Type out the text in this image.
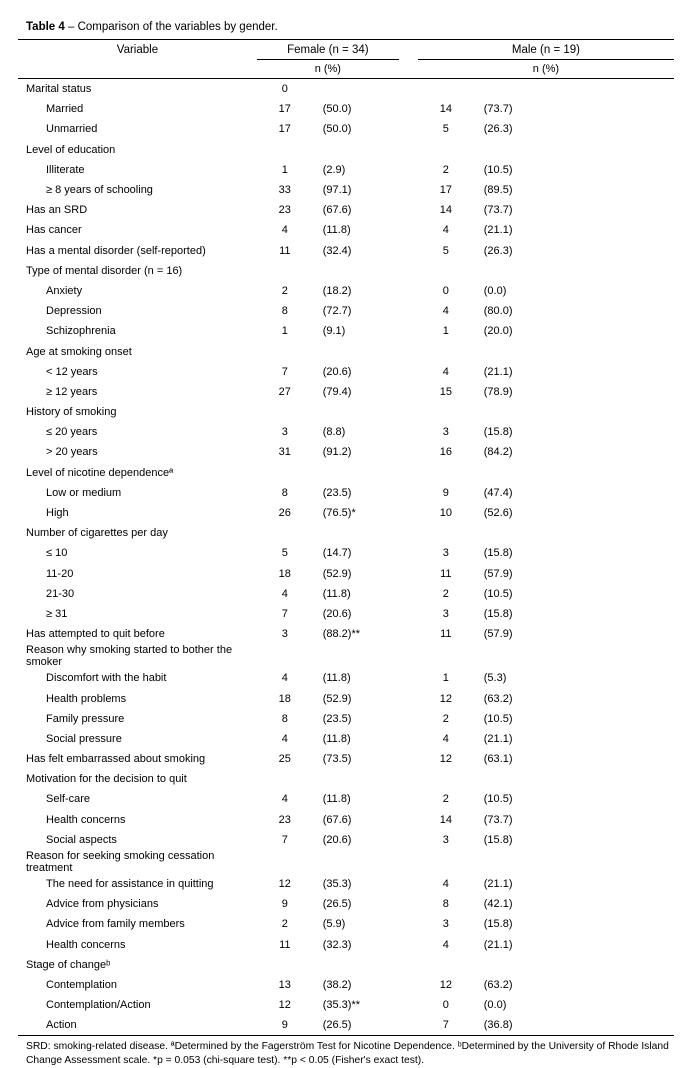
Table 4 – Comparison of the variables by gender.
Variable	Female (n = 34)			Male (n = 19)		
	n (%)			n (%)		
Marital status	0					
Married	17	(50.0)		14	(73.7)	
Unmarried	17	(50.0)		5	(26.3)	
Level of education						
Illiterate	1	(2.9)		2	(10.5)	
≥ 8 years of schooling	33	(97.1)		17	(89.5)	
Has an SRD	23	(67.6)		14	(73.7)	
Has cancer	4	(11.8)		4	(21.1)	
Has a mental disorder (self-reported)	11	(32.4)		5	(26.3)	
Type of mental disorder (n = 16)						
Anxiety	2	(18.2)		0	(0.0)	
Depression	8	(72.7)		4	(80.0)	
Schizophrenia	1	(9.1)		1	(20.0)	
Age at smoking onset						
< 12 years	7	(20.6)		4	(21.1)	
≥ 12 years	27	(79.4)		15	(78.9)	
History of smoking						
≤ 20 years	3	(8.8)		3	(15.8)	
> 20 years	31	(91.2)		16	(84.2)	
Level of nicotine dependenceª						
Low or medium	8	(23.5)		9	(47.4)	
High	26	(76.5)*		10	(52.6)	
Number of cigarettes per day						
≤ 10	5	(14.7)		3	(15.8)	
11-20	18	(52.9)		11	(57.9)	
21-30	4	(11.8)		2	(10.5)	
≥ 31	7	(20.6)		3	(15.8)	
Has attempted to quit before	3	(88.2)**		11	(57.9)	
Reason why smoking started to bother the smoker						
Discomfort with the habit	4	(11.8)		1	(5.3)	
Health problems	18	(52.9)		12	(63.2)	
Family pressure	8	(23.5)		2	(10.5)	
Social pressure	4	(11.8)		4	(21.1)	
Has felt embarrassed about smoking	25	(73.5)		12	(63.1)	
Motivation for the decision to quit						
Self-care	4	(11.8)		2	(10.5)	
Health concerns	23	(67.6)		14	(73.7)	
Social aspects	7	(20.6)		3	(15.8)	
Reason for seeking smoking cessation treatment						
The need for assistance in quitting	12	(35.3)		4	(21.1)	
Advice from physicians	9	(26.5)		8	(42.1)	
Advice from family members	2	(5.9)		3	(15.8)	
Health concerns	11	(32.3)		4	(21.1)	
Stage of changeᵇ						
Contemplation	13	(38.2)		12	(63.2)	
Contemplation/Action	12	(35.3)**		0	(0.0)	
Action	9	(26.5)		7	(36.8)	
SRD: smoking-related disease. ªDetermined by the Fagerström Test for Nicotine Dependence. ᵇDetermined by the University of Rhode Island Change Assessment scale. *p = 0.053 (chi-square test). **p < 0.05 (Fisher's exact test).
